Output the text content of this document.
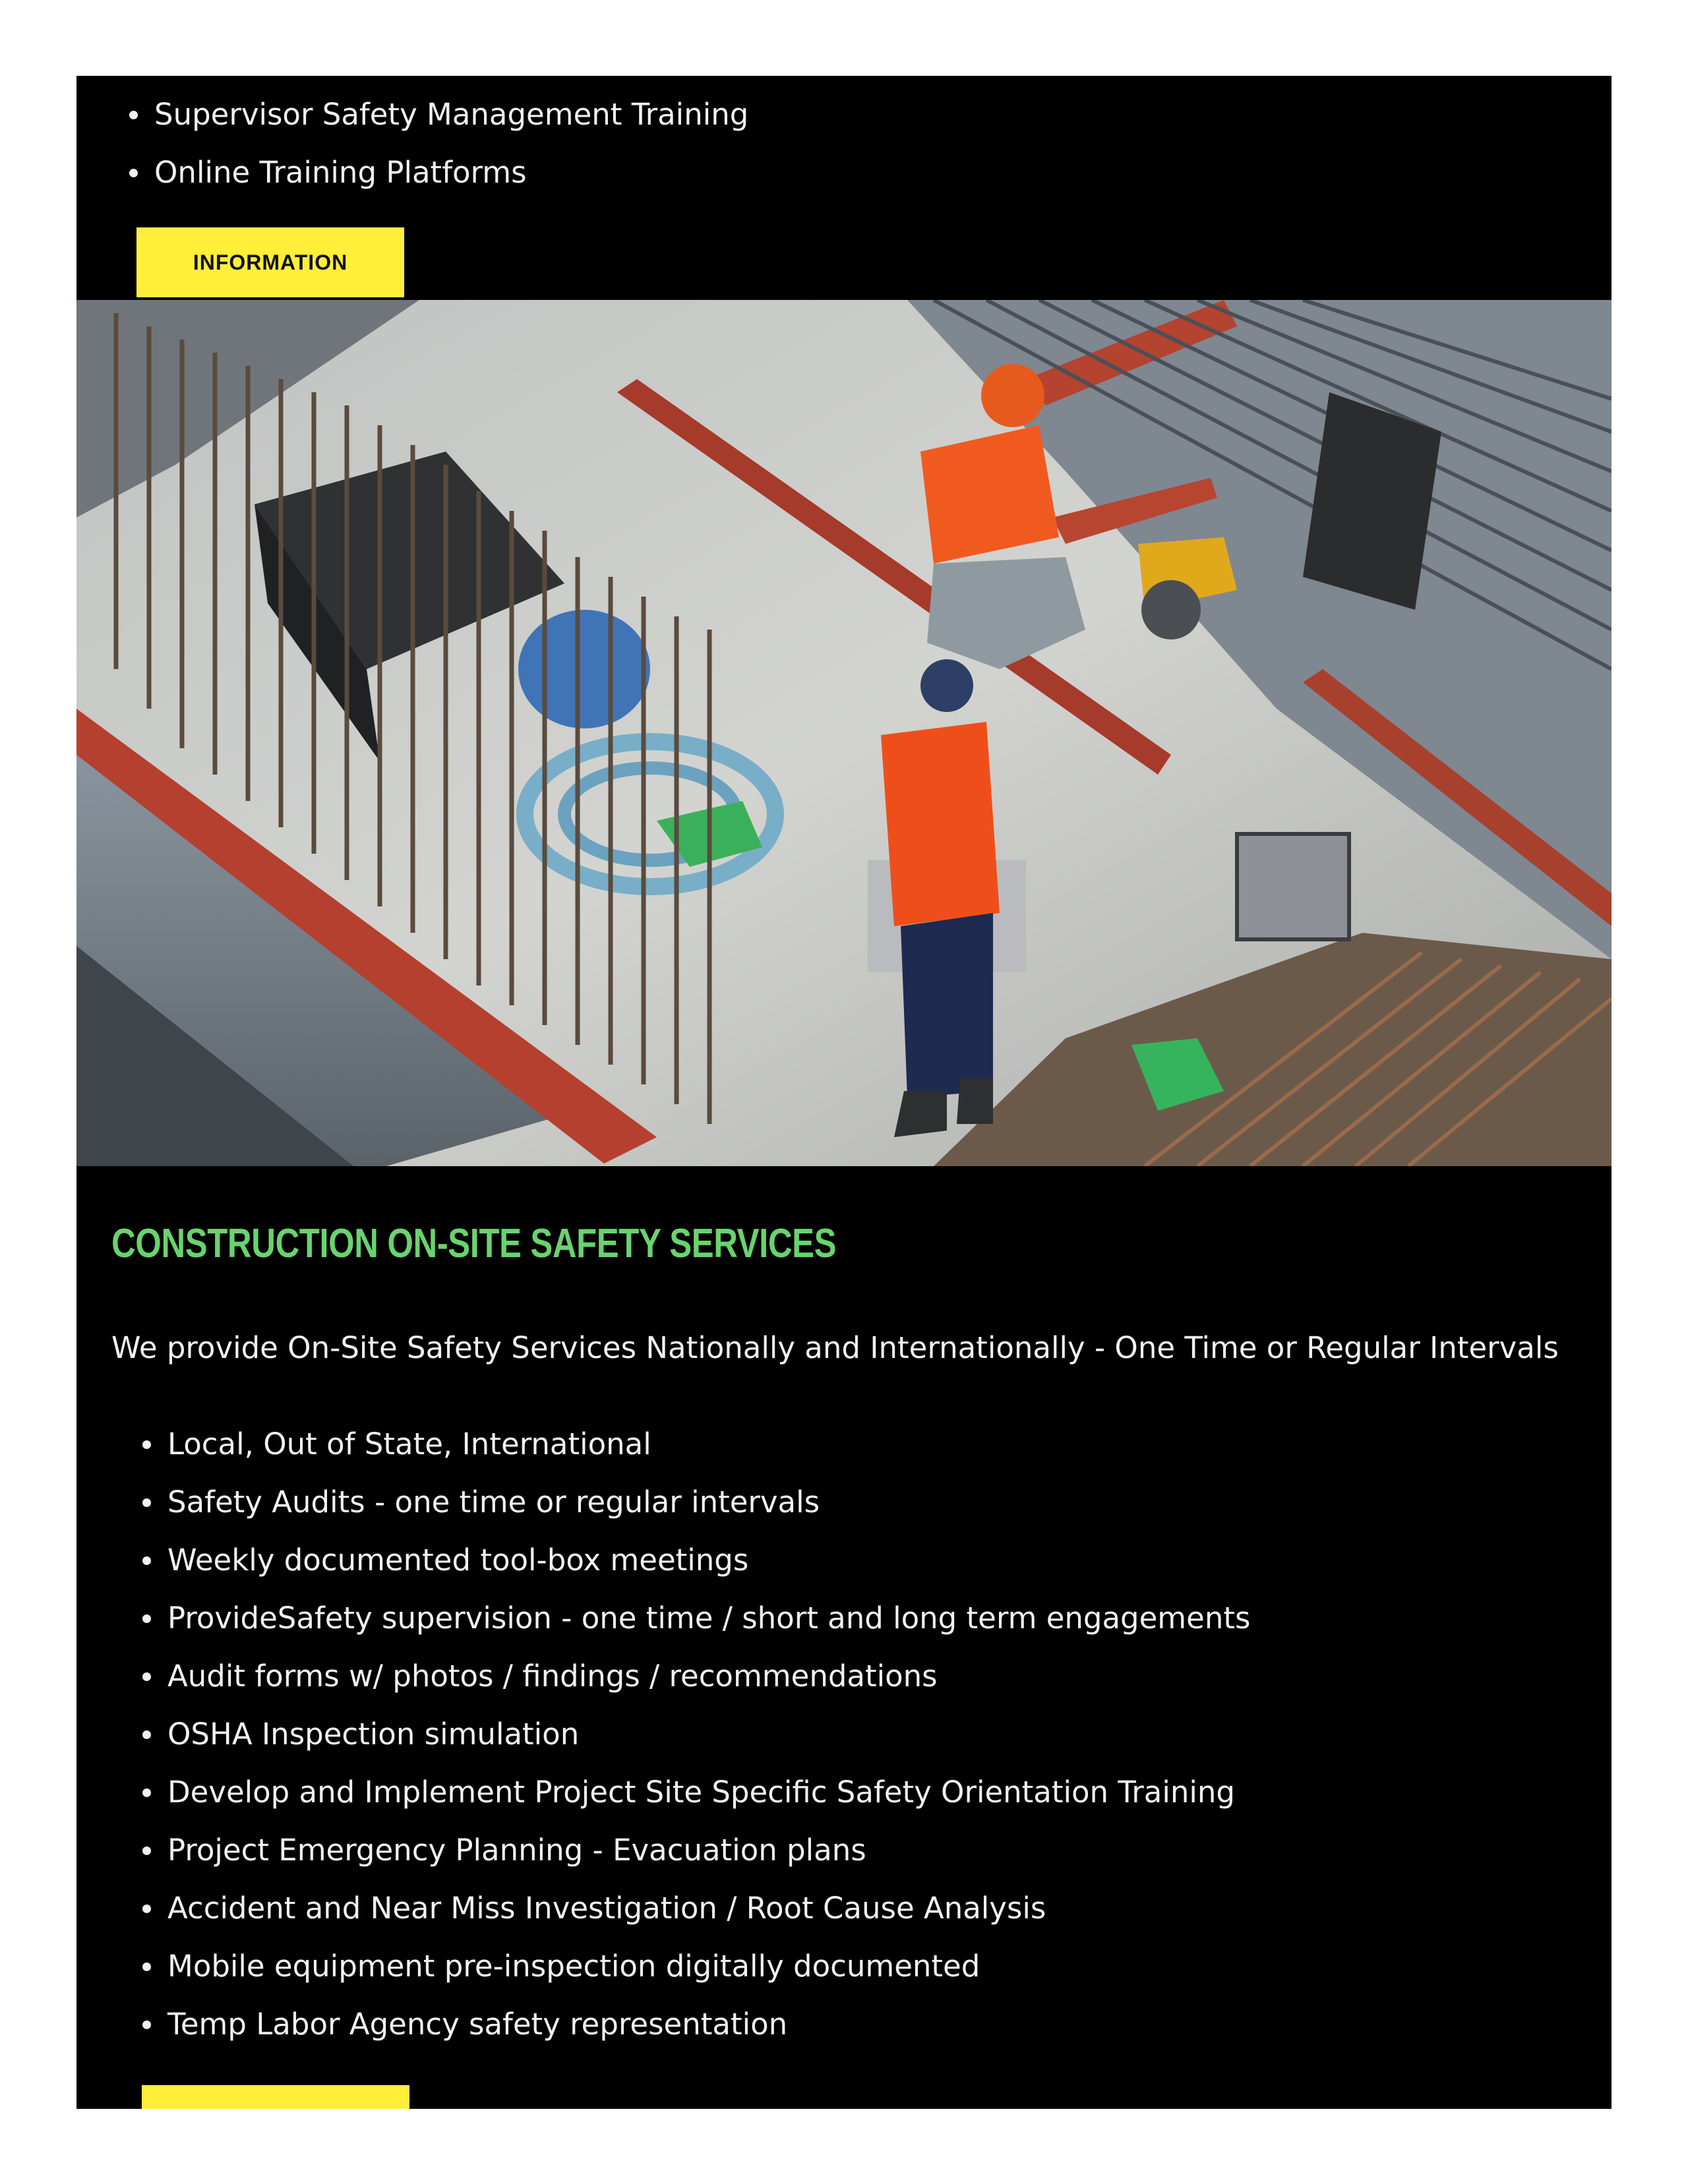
Supervisor Safety Management Training
Online Training Platforms
INFORMATION
CONSTRUCTION ON-SITE SAFETY SERVICES

We provide On-Site Safety Services Nationally and Internationally - One Time or Regular Intervals

Local, Out of State, International
Safety Audits - one time or regular intervals
Weekly documented tool-box meetings
ProvideSafety supervision - one time / short and long term engagements
Audit forms w/ photos / findings / recommendations
OSHA Inspection simulation
Develop and Implement Project Site Specific Safety Orientation Training
Project Emergency Planning - Evacuation plans
Accident and Near Miss Investigation / Root Cause Analysis
Mobile equipment pre-inspection digitally documented
Temp Labor Agency safety representation
